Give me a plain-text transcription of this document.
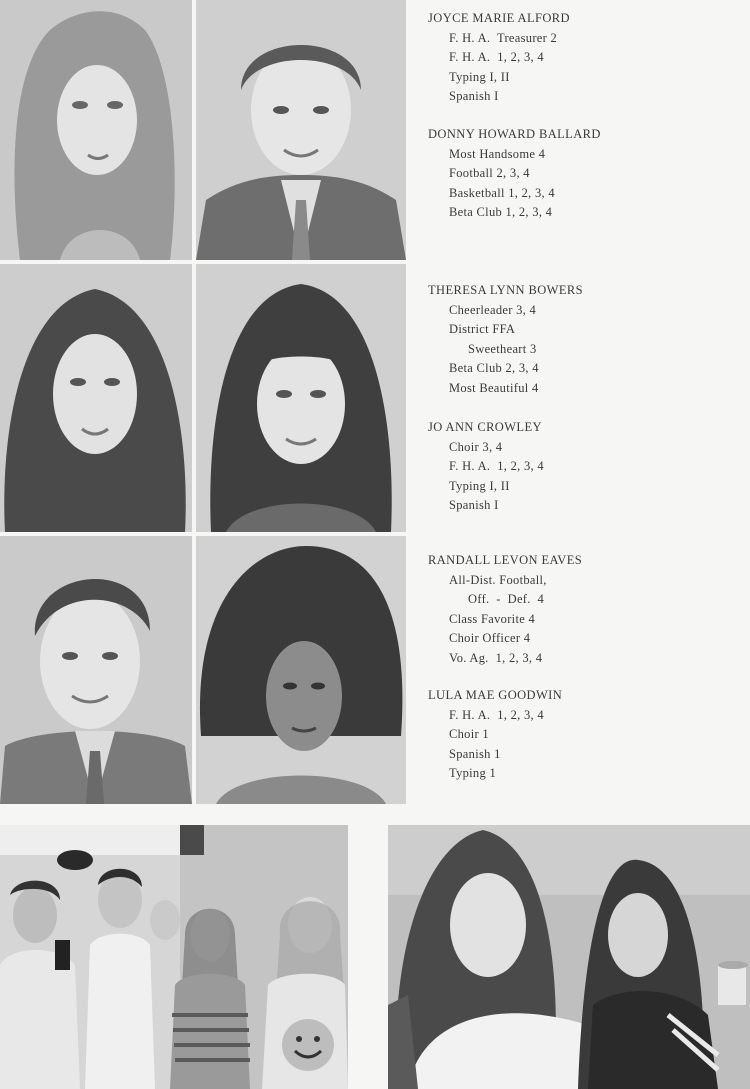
JOYCE MARIE ALFORD
F. H. A.  Treasurer 2
F. H. A.  1, 2, 3, 4
Typing I, II
Spanish I
DONNY HOWARD BALLARD
Most Handsome 4
Football 2, 3, 4
Basketball 1, 2, 3, 4
Beta Club 1, 2, 3, 4
THERESA LYNN BOWERS
Cheerleader 3, 4
District FFA
Sweetheart 3
Beta Club 2, 3, 4
Most Beautiful 4
JO ANN CROWLEY
Choir 3, 4
F. H. A.  1, 2, 3, 4
Typing I, II
Spanish I
RANDALL LEVON EAVES
All-Dist. Football,
Off.  -  Def.  4
Class Favorite 4
Choir Officer 4
Vo. Ag.  1, 2, 3, 4
LULA MAE GOODWIN
F. H. A.  1, 2, 3, 4
Choir 1
Spanish 1
Typing 1
